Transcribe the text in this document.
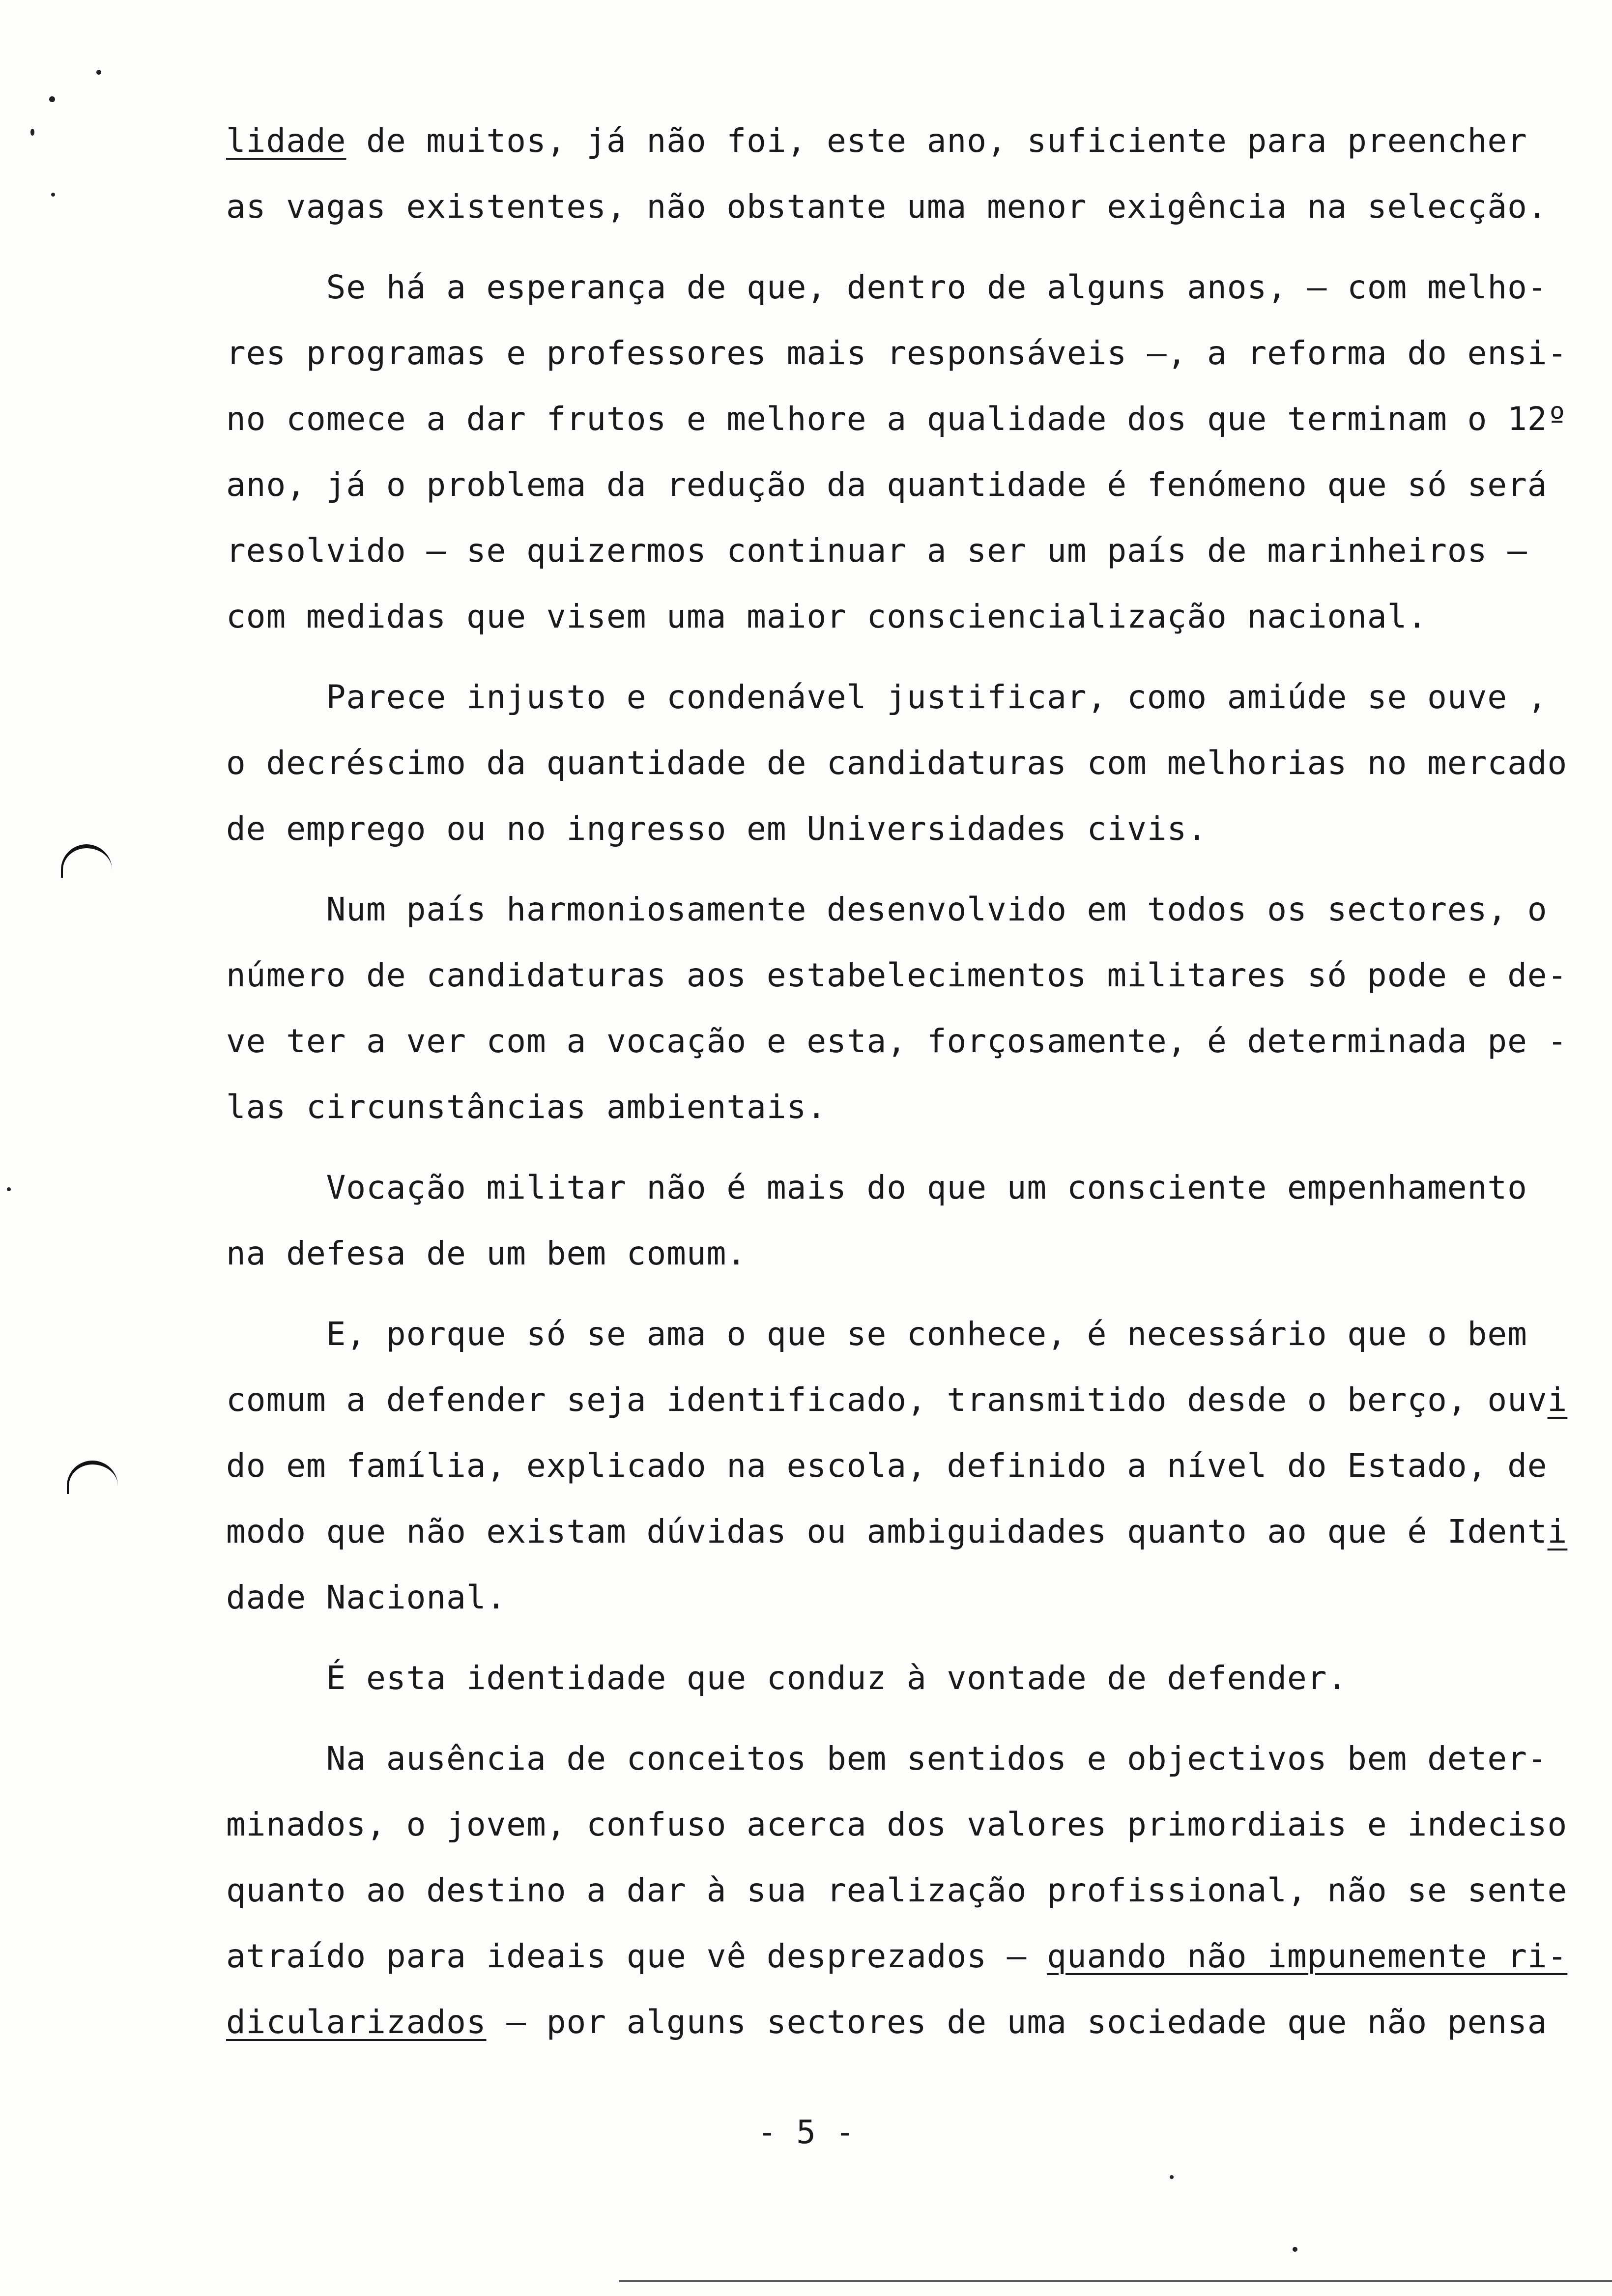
lidade de muitos, já não foi, este ano, suficiente para preencher
as vagas existentes, não obstante uma menor exigência na selecção.
Se há a esperança de que, dentro de alguns anos, — com melho-
res programas e professores mais responsáveis —, a reforma do ensi-
no comece a dar frutos e melhore a qualidade dos que terminam o 12º
ano, já o problema da redução da quantidade é fenómeno que só será
resolvido — se quizermos continuar a ser um país de marinheiros —
com medidas que visem uma maior consciencialização nacional.
Parece injusto e condenável justificar, como amiúde se ouve ,
o decréscimo da quantidade de candidaturas com melhorias no mercado
de emprego ou no ingresso em Universidades civis.
Num país harmoniosamente desenvolvido em todos os sectores, o
número de candidaturas aos estabelecimentos militares só pode e de-
ve ter a ver com a vocação e esta, forçosamente, é determinada pe -
las circunstâncias ambientais.
Vocação militar não é mais do que um consciente empenhamento
na defesa de um bem comum.
E, porque só se ama o que se conhece, é necessário que o bem
comum a defender seja identificado, transmitido desde o berço, ouvi
do em família, explicado na escola, definido a nível do Estado, de
modo que não existam dúvidas ou ambiguidades quanto ao que é Identi
dade Nacional.
É esta identidade que conduz à vontade de defender.
Na ausência de conceitos bem sentidos e objectivos bem deter-
minados, o jovem, confuso acerca dos valores primordiais e indeciso
quanto ao destino a dar à sua realização profissional, não se sente
atraído para ideais que vê desprezados — quando não impunemente ri-
dicularizados — por alguns sectores de uma sociedade que não pensa
- 5 -
